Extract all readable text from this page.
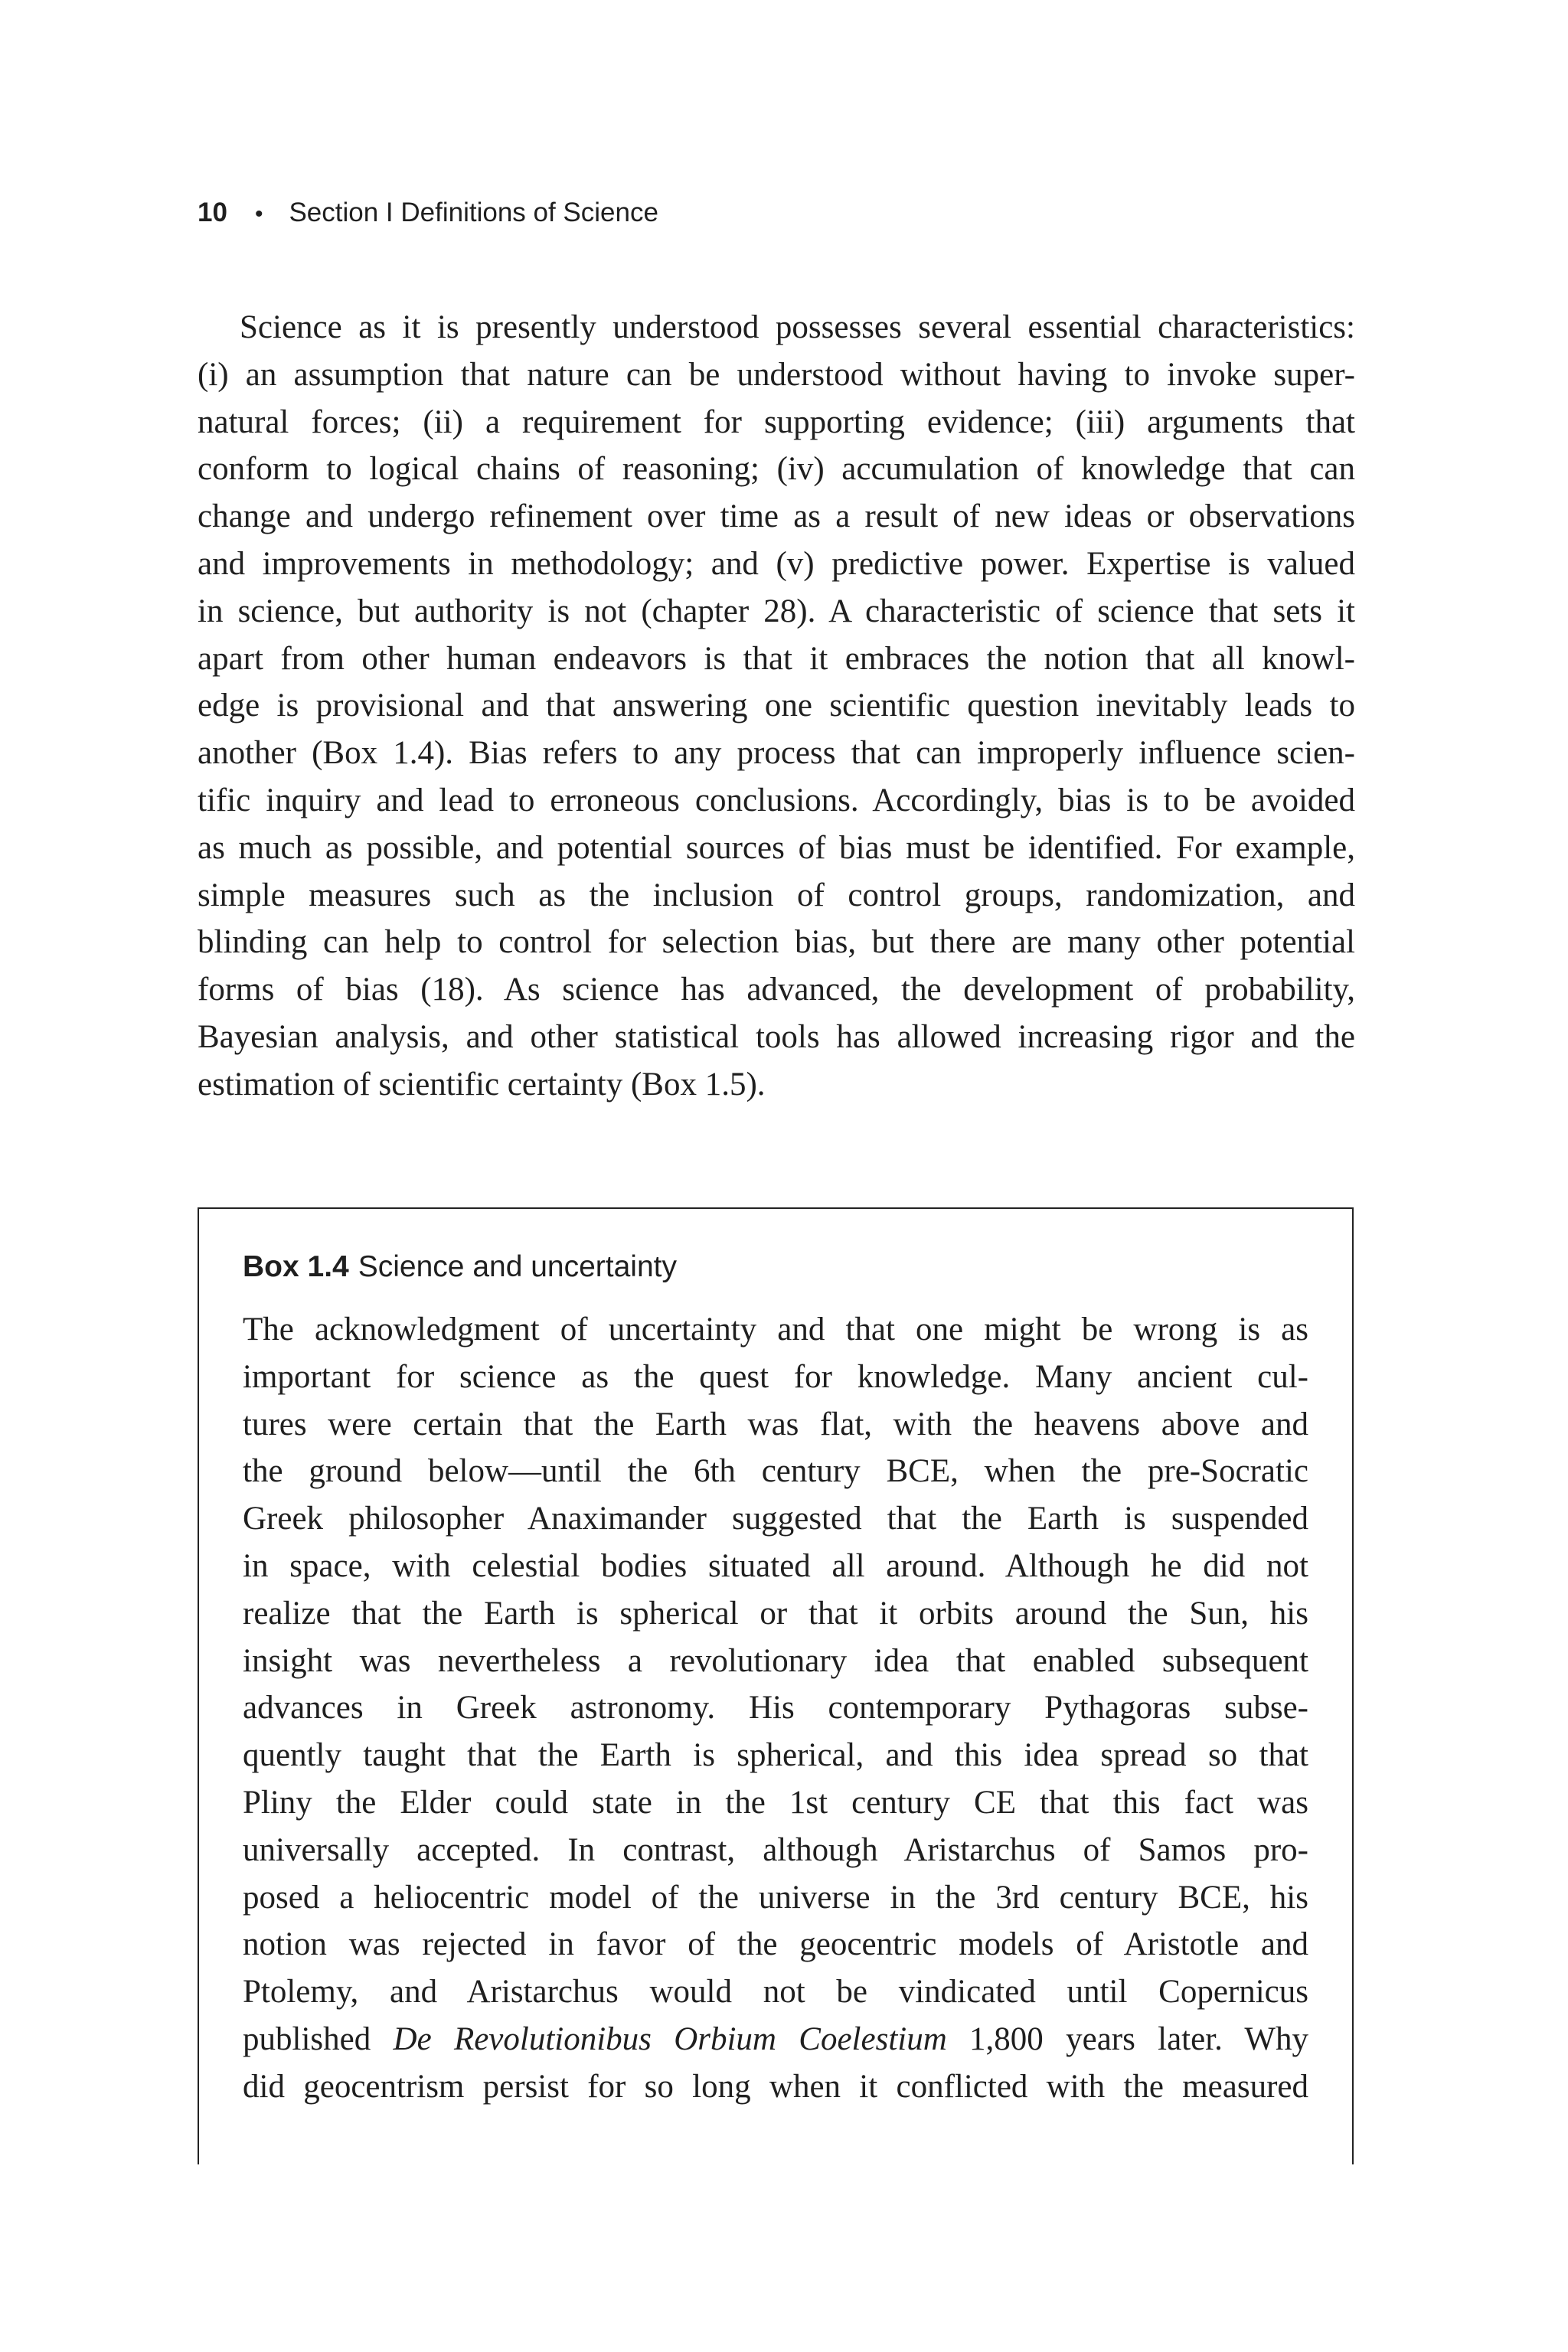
10 • Section I Definitions of Science
Science as it is presently understood possesses several essential characteristics:
(i) an assumption that nature can be understood without having to invoke super-
natural forces; (ii) a requirement for supporting evidence; (iii) arguments that
conform to logical chains of reasoning; (iv) accumulation of knowledge that can
change and undergo refinement over time as a result of new ideas or observations
and improvements in methodology; and (v) predictive power. Expertise is valued
in science, but authority is not (chapter 28). A characteristic of science that sets it
apart from other human endeavors is that it embraces the notion that all knowl-
edge is provisional and that answering one scientific question inevitably leads to
another (Box 1.4). Bias refers to any process that can improperly influence scien-
tific inquiry and lead to erroneous conclusions. Accordingly, bias is to be avoided
as much as possible, and potential sources of bias must be identified. For example,
simple measures such as the inclusion of control groups, randomization, and
blinding can help to control for selection bias, but there are many other potential
forms of bias (18). As science has advanced, the development of probability,
Bayesian analysis, and other statistical tools has allowed increasing rigor and the
estimation of scientific certainty (Box 1.5).
Box 1.4 Science and uncertainty
The acknowledgment of uncertainty and that one might be wrong is as
important for science as the quest for knowledge. Many ancient cul-
tures were certain that the Earth was flat, with the heavens above and
the ground below—until the 6th century BCE, when the pre-Socratic
Greek philosopher Anaximander suggested that the Earth is suspended
in space, with celestial bodies situated all around. Although he did not
realize that the Earth is spherical or that it orbits around the Sun, his
insight was nevertheless a revolutionary idea that enabled subsequent
advances in Greek astronomy. His contemporary Pythagoras subse-
quently taught that the Earth is spherical, and this idea spread so that
Pliny the Elder could state in the 1st century CE that this fact was
universally accepted. In contrast, although Aristarchus of Samos pro-
posed a heliocentric model of the universe in the 3rd century BCE, his
notion was rejected in favor of the geocentric models of Aristotle and
Ptolemy, and Aristarchus would not be vindicated until Copernicus
published De Revolutionibus Orbium Coelestium 1,800 years later. Why
did geocentrism persist for so long when it conflicted with the measured
